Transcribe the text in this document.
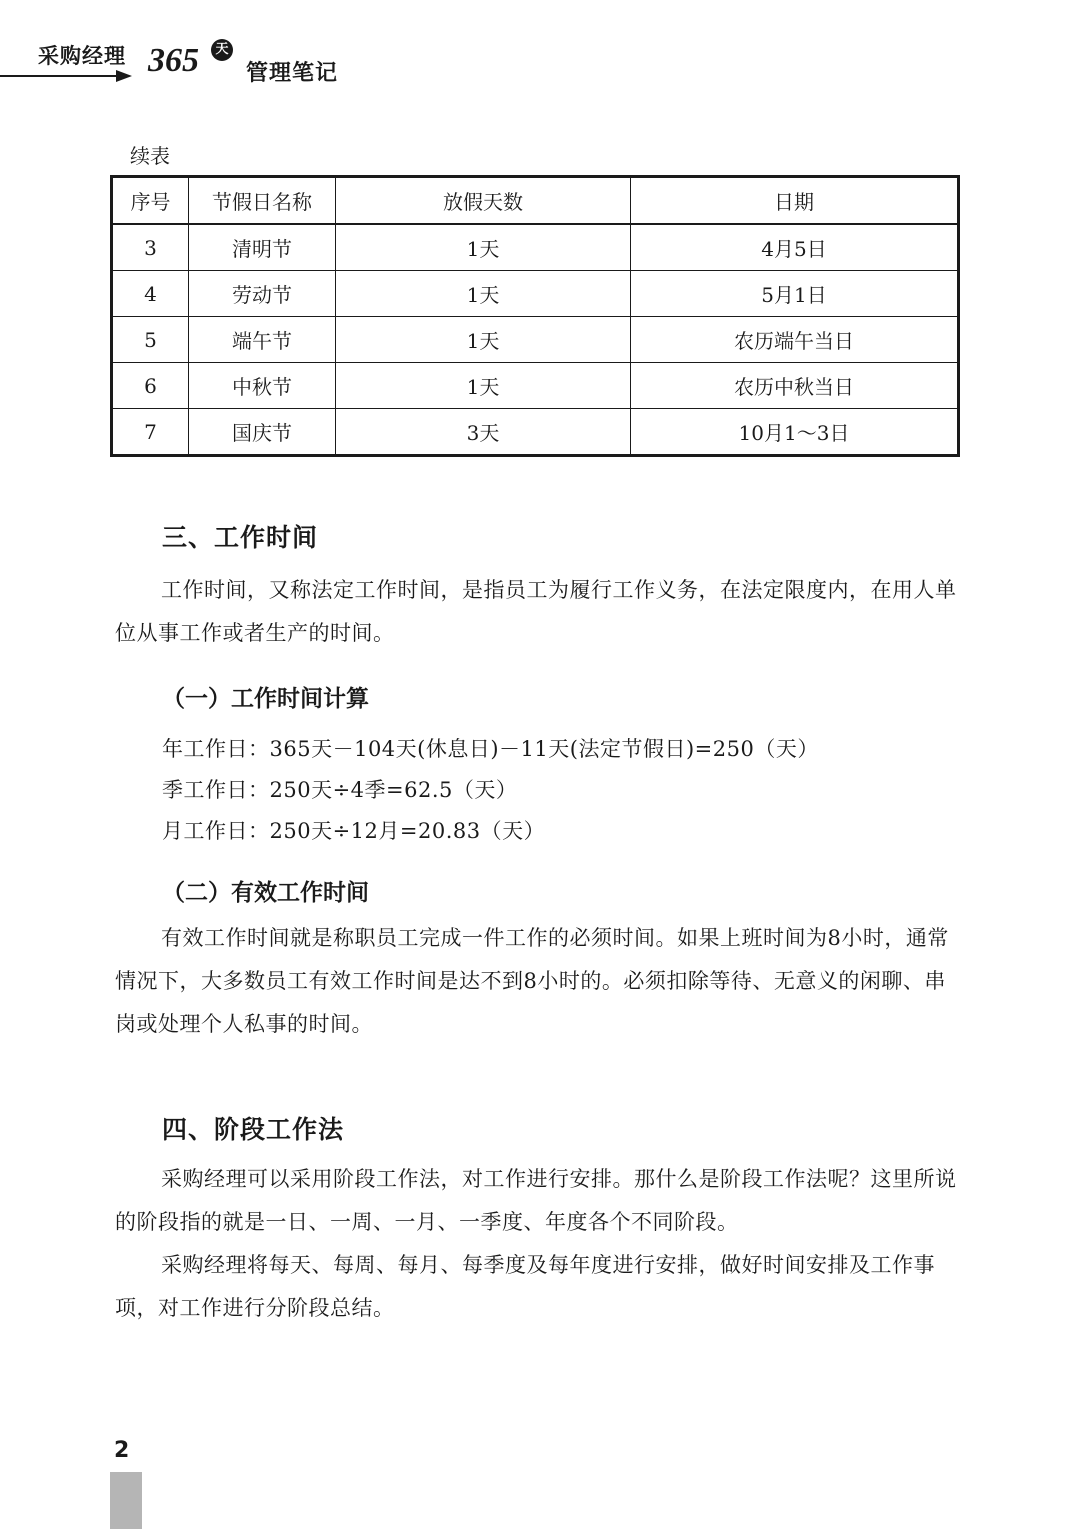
采购经理 365	天
管理笔记
续表
序号	节假日名称	放假天数	日期
3	清明节	1天	4月5日
4	劳动节	1天	5月1日
5	端午节	1天	农历端午当日
6	中秋节	1天	农历中秋当日
7	国庆节	3天	10月1～3日
三、工作时间

工作时间，又称法定工作时间，是指员工为履行工作义务，在法定限度内，在用人单位从事工作或者生产的时间。

（一）工作时间计算
年工作日：365天－104天(休息日)－11天(法定节假日)=250（天）
季工作日：250天÷4季=62.5（天）
月工作日：250天÷12月=20.83（天）
（二）有效工作时间

有效工作时间就是称职员工完成一件工作的必须时间。如果上班时间为8小时，通常情况下，大多数员工有效工作时间是达不到8小时的。必须扣除等待、无意义的闲聊、串岗或处理个人私事的时间。

四、阶段工作法

采购经理可以采用阶段工作法，对工作进行安排。那什么是阶段工作法呢？这里所说的阶段指的就是一日、一周、一月、一季度、年度各个不同阶段。

采购经理将每天、每周、每月、每季度及每年度进行安排，做好时间安排及工作事项，对工作进行分阶段总结。

2
